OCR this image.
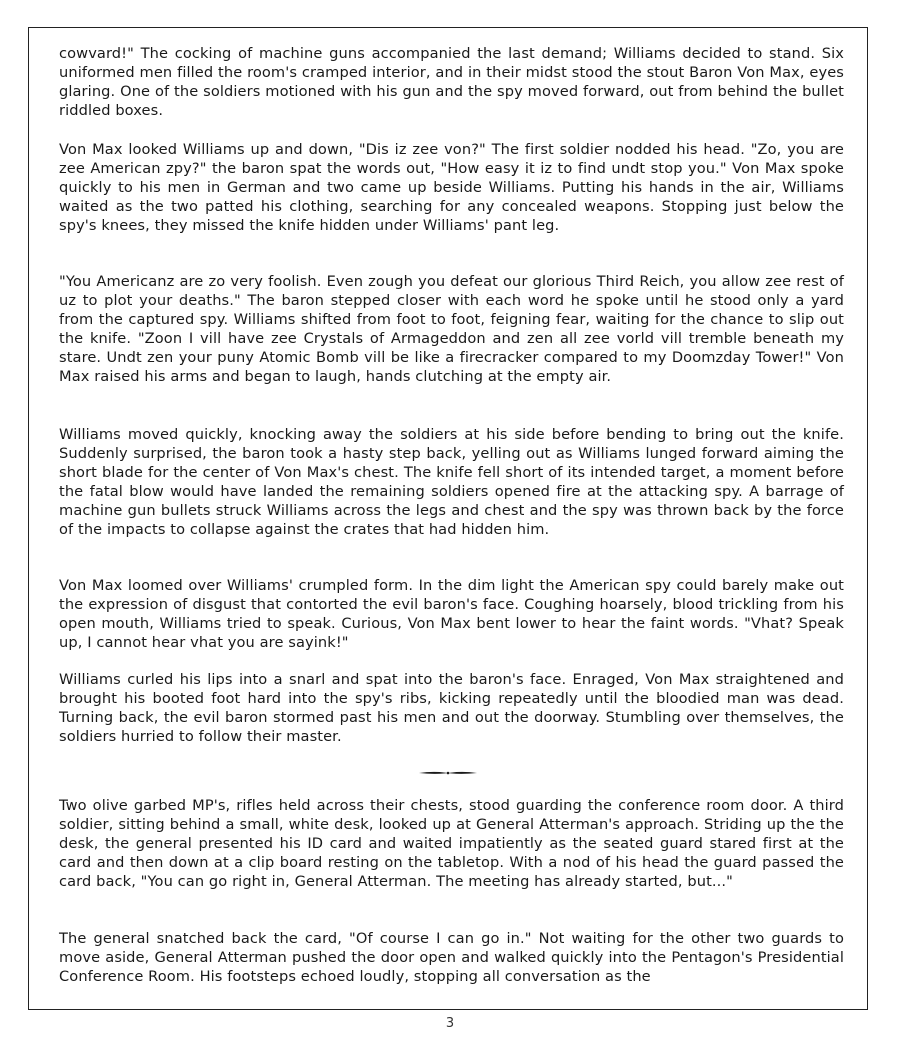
cowvard!" The cocking of machine guns accompanied the last demand; Williams decided to stand. Six uniformed men filled the room's cramped interior, and in their midst stood the stout Baron Von Max, eyes glaring. One of the soldiers motioned with his gun and the spy moved forward, out from behind the bullet riddled boxes.

Von Max looked Williams up and down, "Dis iz zee von?" The first soldier nodded his head. "Zo, you are zee American zpy?" the baron spat the words out, "How easy it iz to find undt stop you." Von Max spoke quickly to his men in German and two came up beside Williams. Putting his hands in the air, Williams waited as the two patted his clothing, searching for any concealed weapons. Stopping just below the spy's knees, they missed the knife hidden under Williams' pant leg.

"You Americanz are zo very foolish. Even zough you defeat our glorious Third Reich, you allow zee rest of uz to plot your deaths." The baron stepped closer with each word he spoke until he stood only a yard from the captured spy. Williams shifted from foot to foot, feigning fear, waiting for the chance to slip out the knife. "Zoon I vill have zee Crystals of Armageddon and zen all zee vorld vill tremble beneath my stare. Undt zen your puny Atomic Bomb vill be like a firecracker compared to my Doomzday Tower!" Von Max raised his arms and began to laugh, hands clutching at the empty air.

Williams moved quickly, knocking away the soldiers at his side before bending to bring out the knife. Suddenly surprised, the baron took a hasty step back, yelling out as Williams lunged forward aiming the short blade for the center of Von Max's chest. The knife fell short of its intended target, a moment before the fatal blow would have landed the remaining soldiers opened fire at the attacking spy. A barrage of machine gun bullets struck Williams across the legs and chest and the spy was thrown back by the force of the impacts to collapse against the crates that had hidden him.

Von Max loomed over Williams' crumpled form. In the dim light the American spy could barely make out the expression of disgust that contorted the evil baron's face. Coughing hoarsely, blood trickling from his open mouth, Williams tried to speak. Curious, Von Max bent lower to hear the faint words. "Vhat? Speak up, I cannot hear vhat you are sayink!"

Williams curled his lips into a snarl and spat into the baron's face. Enraged, Von Max straightened and brought his booted foot hard into the spy's ribs, kicking repeatedly until the bloodied man was dead. Turning back, the evil baron stormed past his men and out the doorway. Stumbling over themselves, the soldiers hurried to follow their master.

Two olive garbed MP's, rifles held across their chests, stood guarding the conference room door. A third soldier, sitting behind a small, white desk, looked up at General Atterman's approach. Striding up the the desk, the general presented his ID card and waited impatiently as the seated guard stared first at the card and then down at a clip board resting on the tabletop. With a nod of his head the guard passed the card back, "You can go right in, General Atterman. The meeting has already started, but..."

The general snatched back the card, "Of course I can go in." Not waiting for the other two guards to move aside, General Atterman pushed the door open and walked quickly into the Pentagon's Presidential Conference Room. His footsteps echoed loudly, stopping all conversation as the

3
